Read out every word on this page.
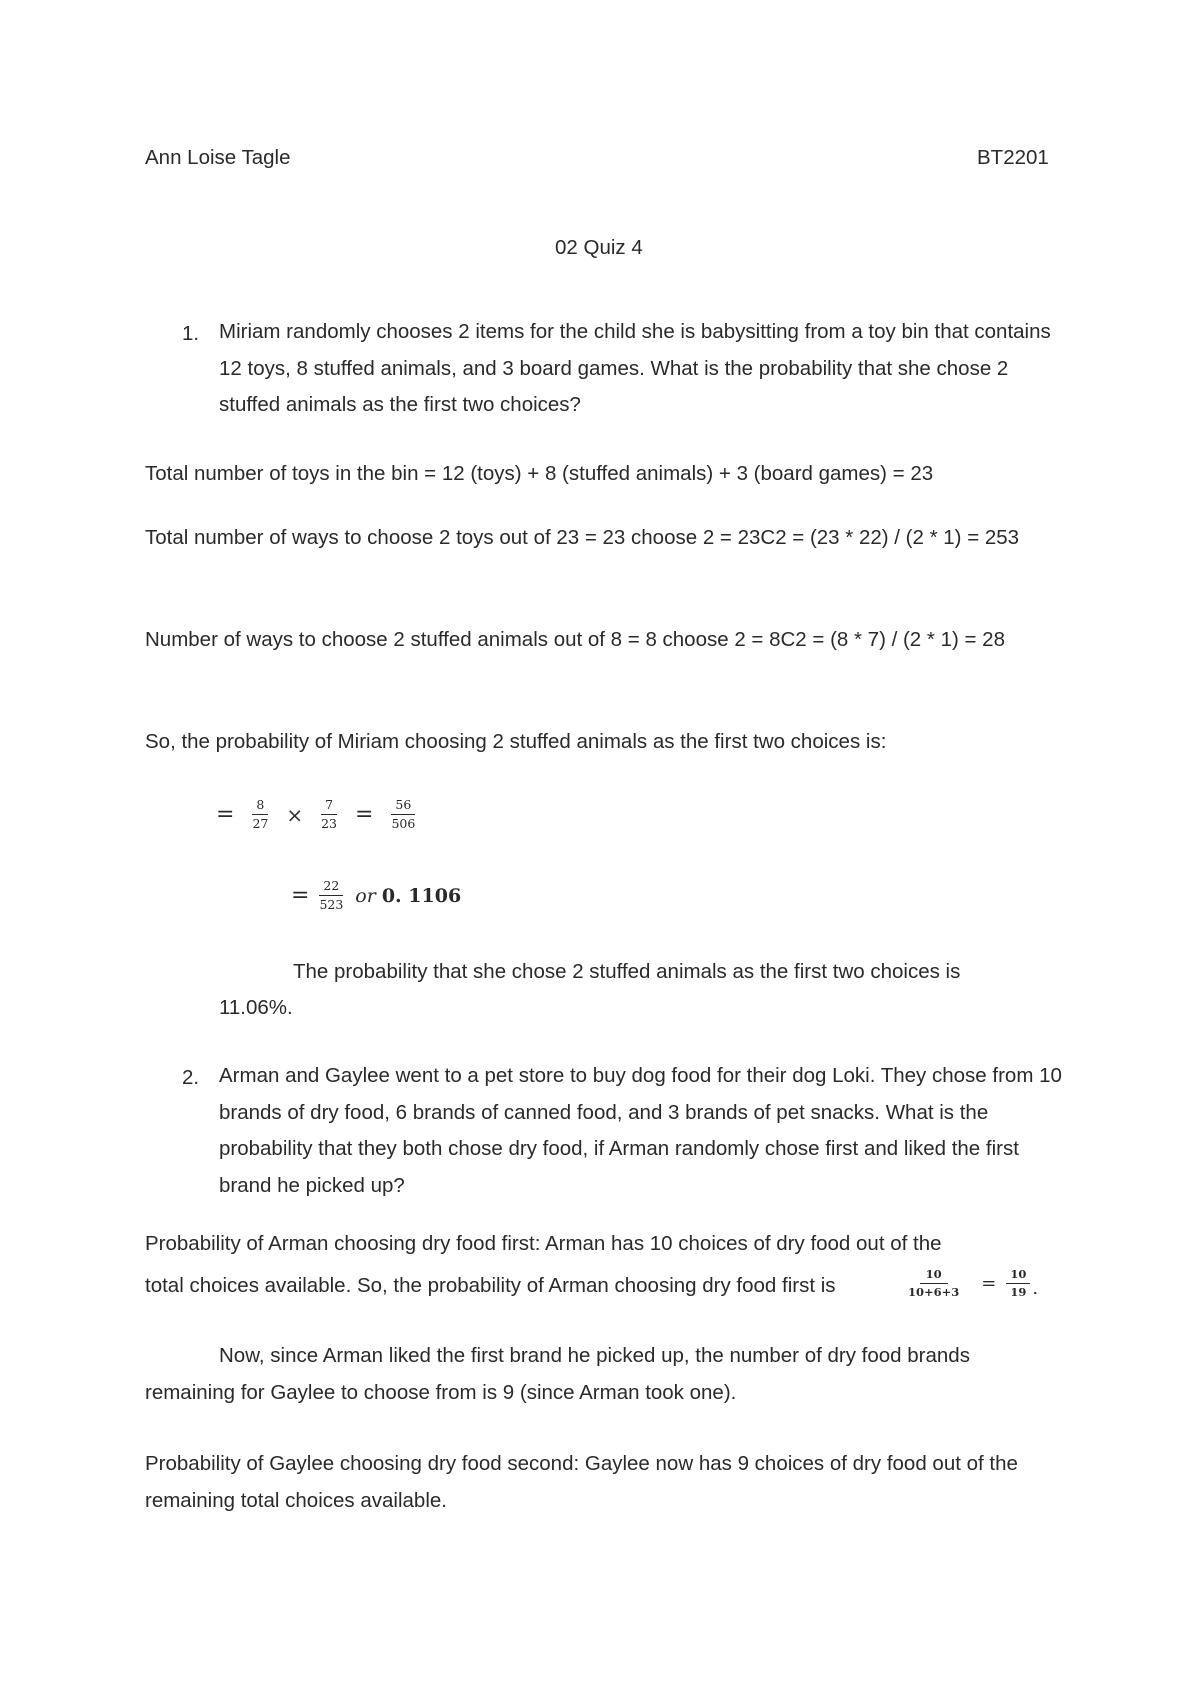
Ann Loise Tagle	BT2201
02 Quiz 4
1. Miriam randomly chooses 2 items for the child she is babysitting from a toy bin that contains 12 toys, 8 stuffed animals, and 3 board games. What is the probability that she chose 2 stuffed animals as the first two choices?
Total number of toys in the bin = 12 (toys) + 8 (stuffed animals) + 3 (board games) = 23
Total number of ways to choose 2 toys out of 23 = 23 choose 2 = 23C2 = (23 * 22) / (2 * 1) = 253
Number of ways to choose 2 stuffed animals out of 8 = 8 choose 2 = 8C2 = (8 * 7) / (2 * 1) = 28
So, the probability of Miriam choosing 2 stuffed animals as the first two choices is:
= $\frac{8}{27} \times \frac{7}{23} = \frac{56}{506}$
= $\frac{22}{523}$ or 0. 1106
The probability that she chose 2 stuffed animals as the first two choices is
11.06%.
2. Arman and Gaylee went to a pet store to buy dog food for their dog Loki. They chose from 10 brands of dry food, 6 brands of canned food, and 3 brands of pet snacks. What is the probability that they both chose dry food, if Arman randomly chose first and liked the first brand he picked up?
Probability of Arman choosing dry food first: Arman has 10 choices of dry food out of the
total choices available. So, the probability of Arman choosing dry food first is	$\frac{10}{10+6+3} = \frac{10}{19}$ .
Now, since Arman liked the first brand he picked up, the number of dry food brands remaining for Gaylee to choose from is 9 (since Arman took one).
Probability of Gaylee choosing dry food second: Gaylee now has 9 choices of dry food out of the remaining total choices available.
